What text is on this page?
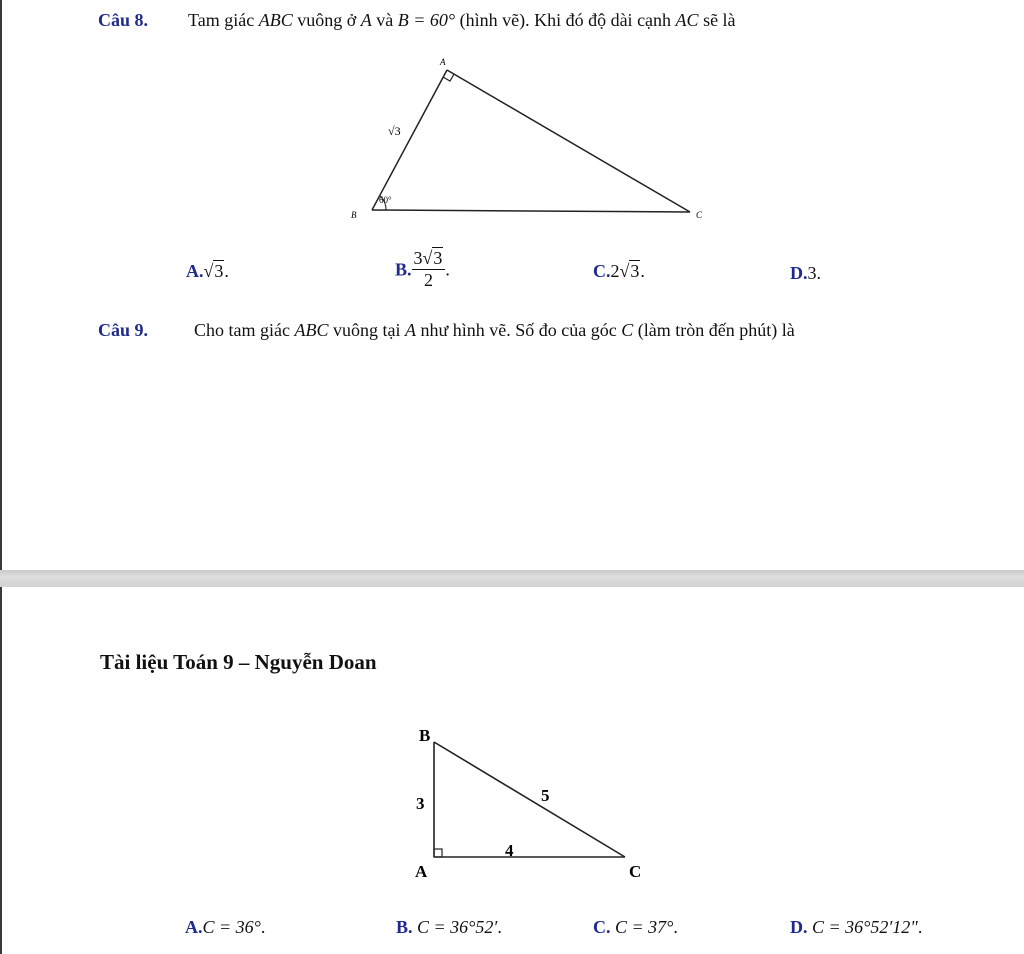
Câu 8. Tam giác ABC vuông ở A và B = 60° (hình vẽ). Khi đó độ dài cạnh AC sẽ là
A
B	C
√3
60°
A.√3.	B. $\frac{3√3}{2}$ .	C.2√3.	D.3.
Câu 9.	Cho tam giác ABC vuông tại A như hình vẽ. Số đo của góc C (làm tròn đến phút) là
Tài liệu Toán 9 – Nguyễn Doan
B
A	C
3
4
5
A.C = 36°.	B. C = 36°52′.	C. C = 37°.	D. C = 36°52′12".
